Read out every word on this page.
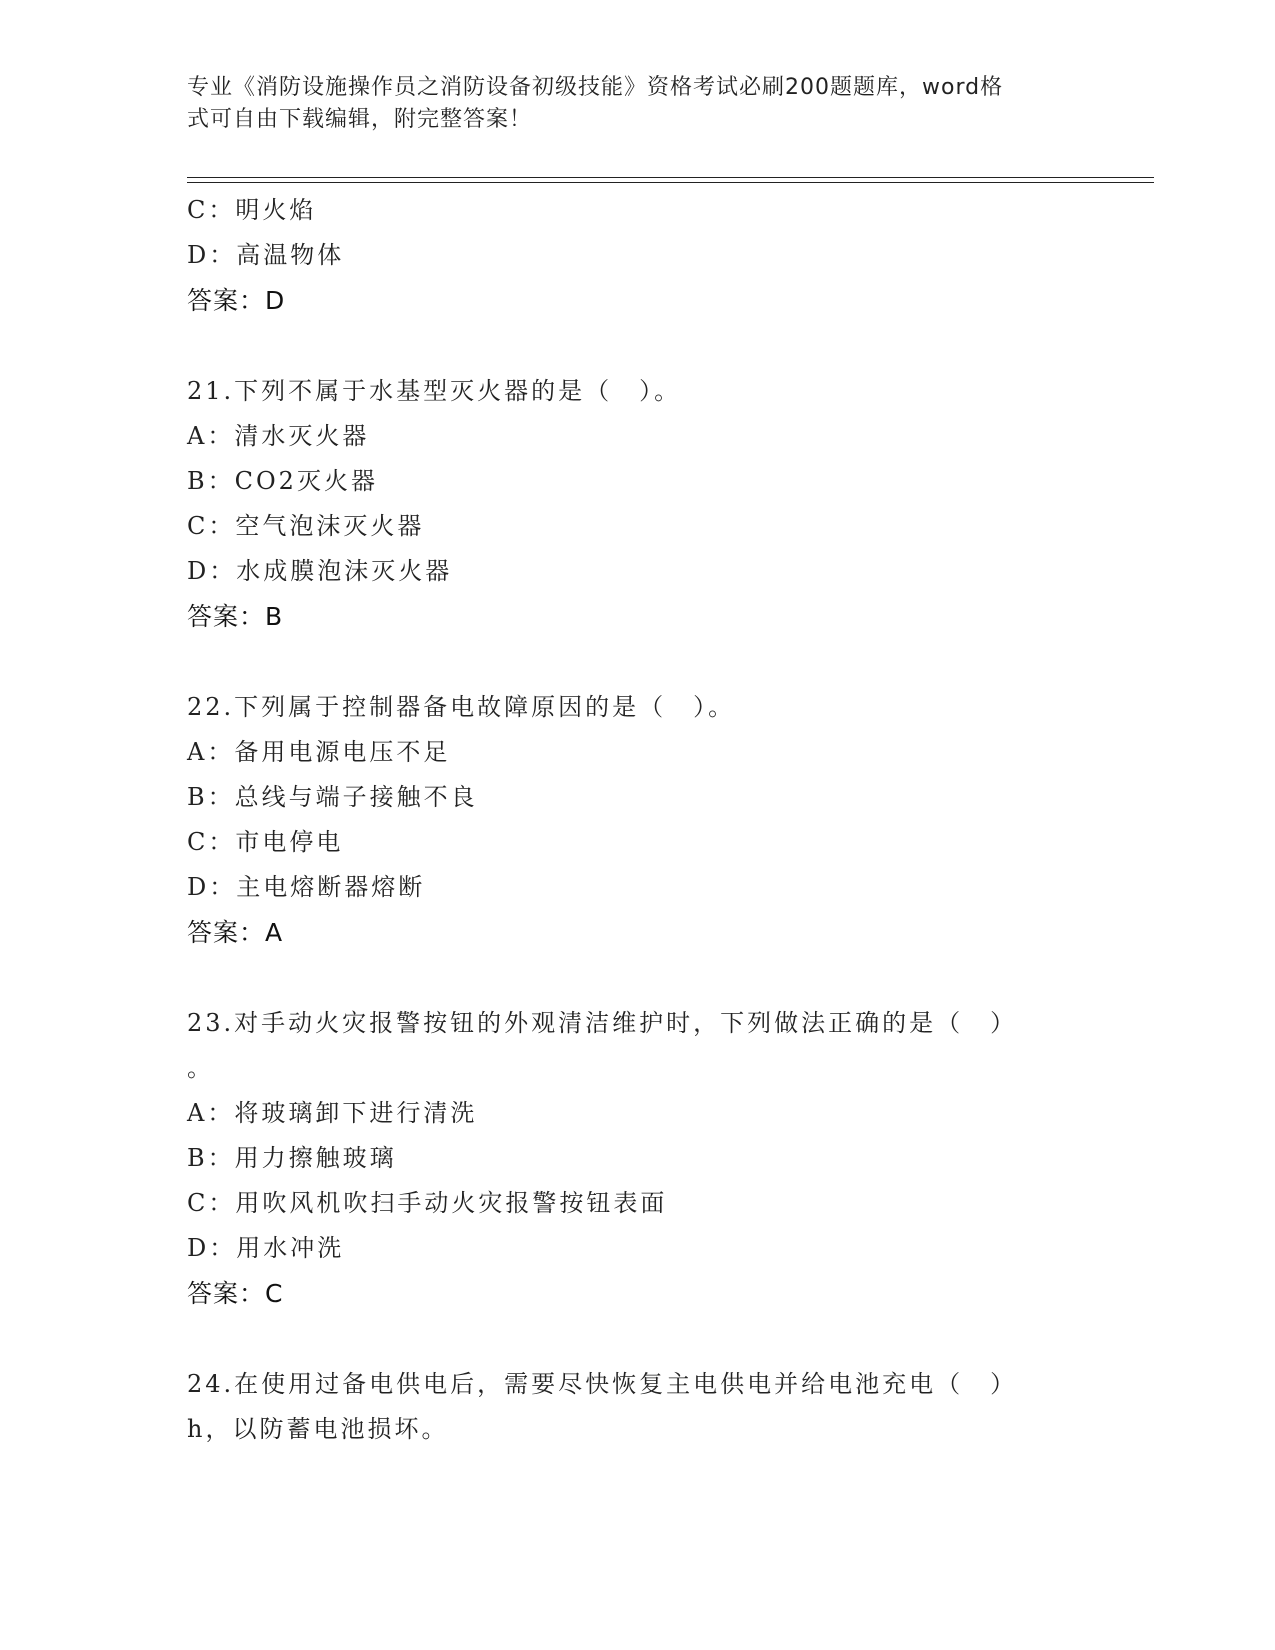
专业《消防设施操作员之消防设备初级技能》资格考试必刷200题题库，word格
式可自由下载编辑，附完整答案！
C：明火焰
D：高温物体
答案：D
21.下列不属于水基型灭火器的是（　）。
A：清水灭火器
B：CO2灭火器
C：空气泡沫灭火器
D：水成膜泡沫灭火器
答案：B
22.下列属于控制器备电故障原因的是（　）。
A：备用电源电压不足
B：总线与端子接触不良
C：市电停电
D：主电熔断器熔断
答案：A
23.对手动火灾报警按钮的外观清洁维护时，下列做法正确的是（　）
。
A：将玻璃卸下进行清洗
B：用力擦触玻璃
C：用吹风机吹扫手动火灾报警按钮表面
D：用水冲洗
答案：C
24.在使用过备电供电后，需要尽快恢复主电供电并给电池充电（　）
h，以防蓄电池损坏。
